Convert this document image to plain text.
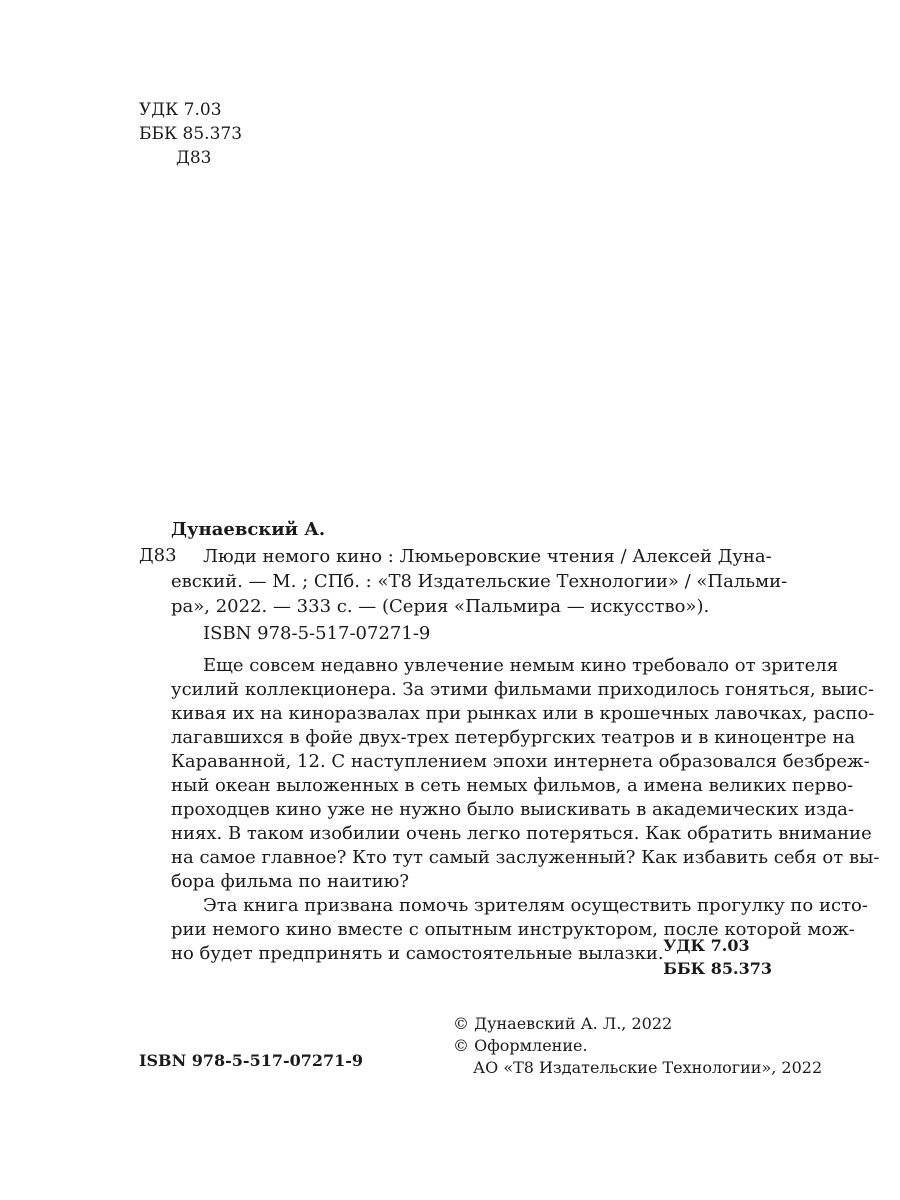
УДК 7.03
ББК 85.373
Д83
Дунаевский А.
Д83	Люди немого кино : Люмьеровские чтения / Алексей Дуна-
евский. — М. ; СПб. : «Т8 Издательские Технологии» / «Пальми-
ра», 2022. — 333 с. — (Серия «Пальмира — искусство»).
ISBN 978-5-517-07271-9
Еще совсем недавно увлечение немым кино требовало от зрителя
усилий коллекционера. За этими фильмами приходилось гоняться, выис-
кивая их на киноразвалах при рынках или в крошечных лавочках, распо-
лагавшихся в фойе двух-трех петербургских театров и в киноцентре на
Караванной, 12. С наступлением эпохи интернета образовался безбреж-
ный океан выложенных в сеть немых фильмов, а имена великих перво-
проходцев кино уже не нужно было выискивать в академических изда-
ниях. В таком изобилии очень легко потеряться. Как обратить внимание
на самое главное? Кто тут самый заслуженный? Как избавить себя от вы-
бора фильма по наитию?
Эта книга призвана помочь зрителям осуществить прогулку по исто-
рии немого кино вместе с опытным инструктором, после которой мож-
но будет предпринять и самостоятельные вылазки. УДК 7.03
ББК 85.373
ISBN 978-5-517-07271-9
© Дунаевский А. Л., 2022
© Оформление.
АО «Т8 Издательские Технологии», 2022
